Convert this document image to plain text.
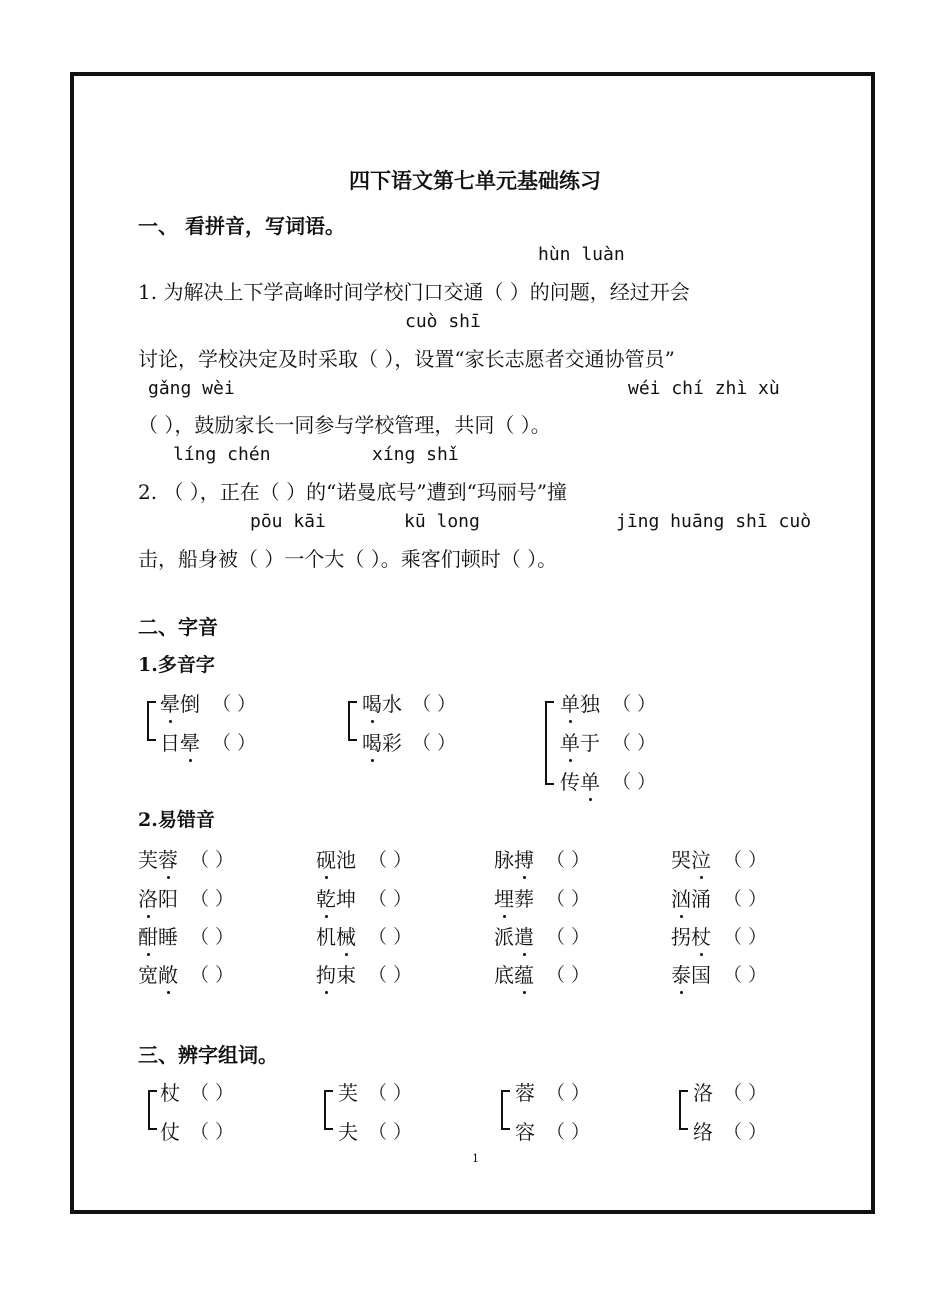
四下语文第七单元基础练习
一、 看拼音，写词语。
hùn luàn
1. 为解决上下学高峰时间学校门口交通（ ）的问题，经过开会
cuò shī
讨论，学校决定及时采取（ ），设置“家长志愿者交通协管员”
gǎng wèi	wéi chí zhì xù
（ ），鼓励家长一同参与学校管理，共同（ ）。
líng chén	xíng shǐ
2. （ ），正在（ ）的“诺曼底号”遭到“玛丽号”撞
pōu kāi	kū long	jīng huāng shī cuò
击，船身被（ ）一个大（ ）。乘客们顿时（ ）。
二、字音
1.多音字
晕倒 （ ）
日晕 （ ）
喝水 （ ）
喝彩 （ ）
单独 （ ）
单于 （ ）
传单 （ ）
2.易错音
芙蓉 （ ）	砚池 （ ）	脉搏 （ ）	哭泣 （ ）
洛阳 （ ）	乾坤 （ ）	埋葬 （ ）	汹涌 （ ）
酣睡 （ ）	机械 （ ）	派遣 （ ）	拐杖 （ ）
宽敞 （ ）	拘束 （ ）	底蕴 （ ）	泰国 （ ）
三、辨字组词。
杖 （ ）
仗 （ ）
芙 （ ）
夫 （ ）
蓉 （ ）
容 （ ）
洛 （ ）
络 （ ）
1
